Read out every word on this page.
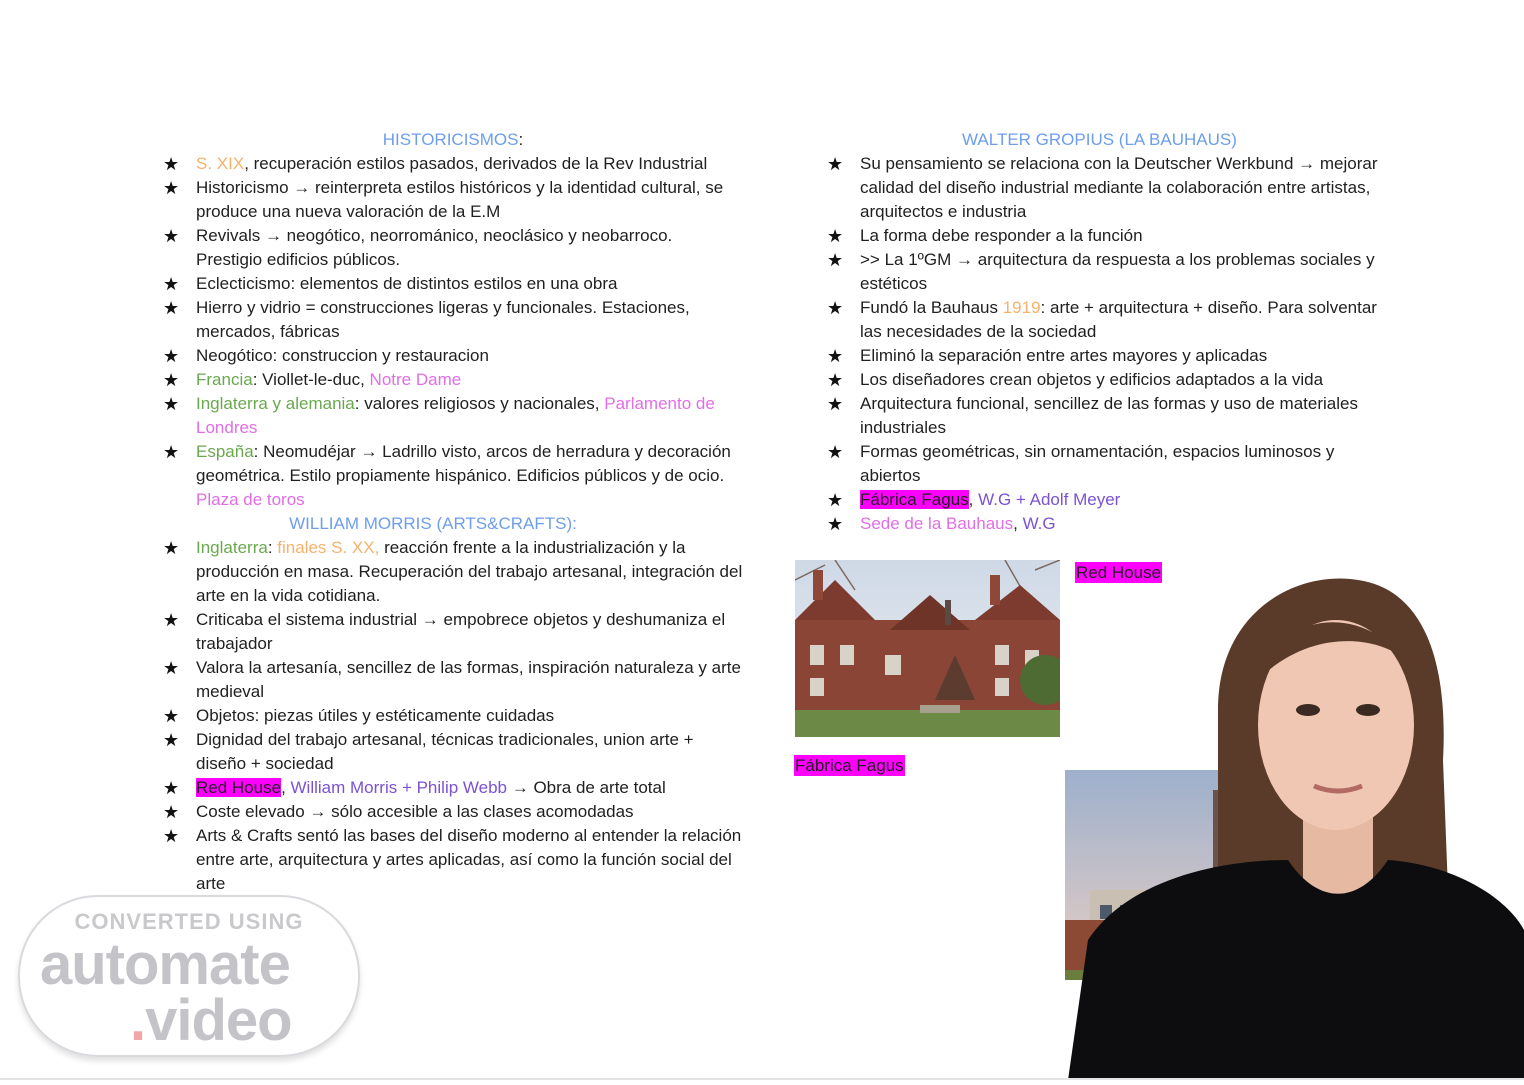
HISTORICISMOS:
★ S. XIX, recuperación estilos pasados, derivados de la Rev Industrial
★ Historicismo → reinterpreta estilos históricos y la identidad cultural, se produce una nueva valoración de la E.M
★ Revivals → neogótico, neorrománico, neoclásico y neobarroco. Prestigio edificios públicos.
★ Eclecticismo: elementos de distintos estilos en una obra
★ Hierro y vidrio = construcciones ligeras y funcionales. Estaciones, mercados, fábricas
★ Neogótico: construccion y restauracion
★ Francia: Viollet-le-duc, Notre Dame
★ Inglaterra y alemania: valores religiosos y nacionales, Parlamento de Londres
★ España: Neomudéjar → Ladrillo visto, arcos de herradura y decoración geométrica. Estilo propiamente hispánico. Edificios públicos y de ocio. Plaza de toros
WILLIAM MORRIS (ARTS&CRAFTS):
★ Inglaterra: finales S. XX, reacción frente a la industrialización y la producción en masa. Recuperación del trabajo artesanal, integración del arte en la vida cotidiana.
★ Criticaba el sistema industrial → empobrece objetos y deshumaniza el trabajador
★ Valora la artesanía, sencillez de las formas, inspiración naturaleza y arte medieval
★ Objetos: piezas útiles y estéticamente cuidadas
★ Dignidad del trabajo artesanal, técnicas tradicionales, union arte + diseño + sociedad
★ Red House, William Morris + Philip Webb → Obra de arte total
★ Coste elevado → sólo accesible a las clases acomodadas
★ Arts & Crafts sentó las bases del diseño moderno al entender la relación entre arte, arquitectura y artes aplicadas, así como la función social del arte
WALTER GROPIUS (LA BAUHAUS)
★ Su pensamiento se relaciona con la Deutscher Werkbund → mejorar calidad del diseño industrial mediante la colaboración entre artistas, arquitectos e industria
★ La forma debe responder a la función
★ >> La 1ºGM → arquitectura da respuesta a los problemas sociales y estéticos
★ Fundó la Bauhaus 1919: arte + arquitectura + diseño. Para solventar las necesidades de la sociedad
★ Eliminó la separación entre artes mayores y aplicadas
★ Los diseñadores crean objetos y edificios adaptados a la vida
★ Arquitectura funcional, sencillez de las formas y uso de materiales industriales
★ Formas geométricas, sin ornamentación, espacios luminosos y abiertos
★ Fábrica Fagus, W.G + Adolf Meyer
★ Sede de la Bauhaus, W.G
Red House
Fábrica Fagus
CONVERTED USING
automate
.video
